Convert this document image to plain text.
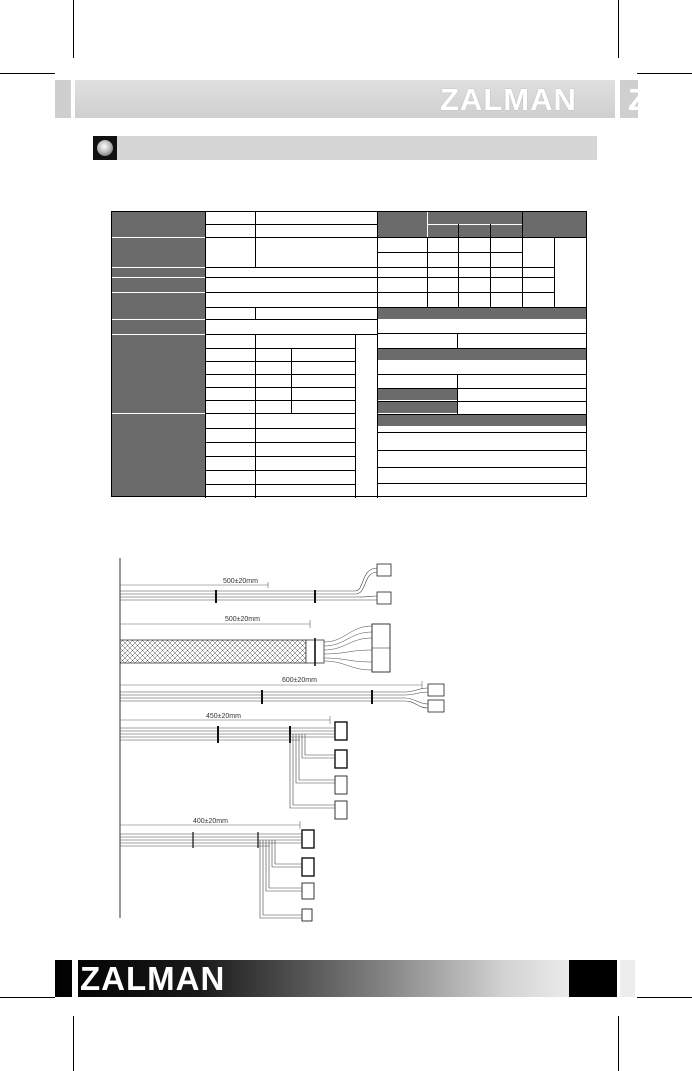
ZALMAN Z
500±20mm
500±20mm
600±20mm
450±20mm
400±20mm
ZALMAN
